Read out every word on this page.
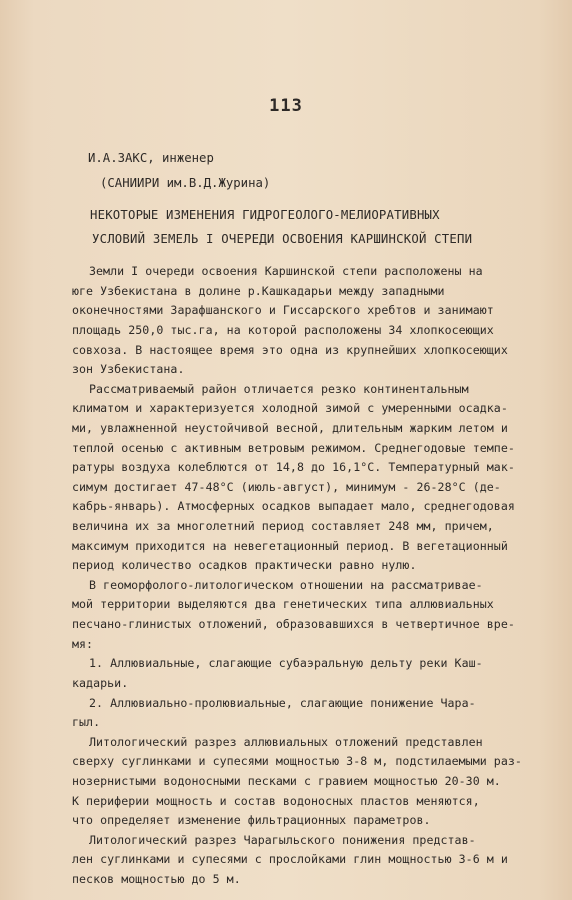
113
И.А.ЗАКС, инженер
(САНИИРИ им.В.Д.Журина)
НЕКОТОРЫЕ ИЗМЕНЕНИЯ ГИДРОГЕОЛОГО-МЕЛИОРАТИВНЫХ
УСЛОВИЙ ЗЕМЕЛЬ I ОЧЕРЕДИ ОСВОЕНИЯ КАРШИНСКОЙ СТЕПИ
Земли I очереди освоения Каршинской степи расположены на
юге Узбекистана в долине р.Кашкадарьи между западными
оконечностями Зарафшанского и Гиссарского хребтов и занимают
площадь 250,0 тыс.га, на которой расположены 34 хлопкосеющих
совхоза. В настоящее время это одна из крупнейших хлопкосеющих
зон Узбекистана.
Рассматриваемый район отличается резко континентальным
климатом и характеризуется холодной зимой с умеренными осадка-
ми, увлажненной неустойчивой весной, длительным жарким летом и
теплой осенью с активным ветровым режимом. Среднегодовые темпе-
ратуры воздуха колеблются от 14,8 до 16,1°С. Температурный мак-
симум достигает 47-48°С (июль-август), минимум - 26-28°С (де-
кабрь-январь). Атмосферных осадков выпадает мало, среднегодовая
величина их за многолетний период составляет 248 мм, причем,
максимум приходится на невегетационный период. В вегетационный
период количество осадков практически равно нулю.
В геоморфолого-литологическом отношении на рассматривае-
мой территории выделяются два генетических типа аллювиальных
песчано-глинистых отложений, образовавшихся в четвертичное вре-
мя:
1. Аллювиальные, слагающие субаэральную дельту реки Каш-
кадарьи.
2. Аллювиально-пролювиальные, слагающие понижение Чара-
гыл.
Литологический разрез аллювиальных отложений представлен
сверху суглинками и супесями мощностью 3-8 м, подстилаемыми раз-
нозернистыми водоносными песками с гравием мощностью 20-30 м.
К периферии мощность и состав водоносных пластов меняются,
что определяет изменение фильтрационных параметров.
Литологический разрез Чарагыльского понижения представ-
лен суглинками и супесями с прослойками глин мощностью 3-6 м и
песков мощностью до 5 м.
